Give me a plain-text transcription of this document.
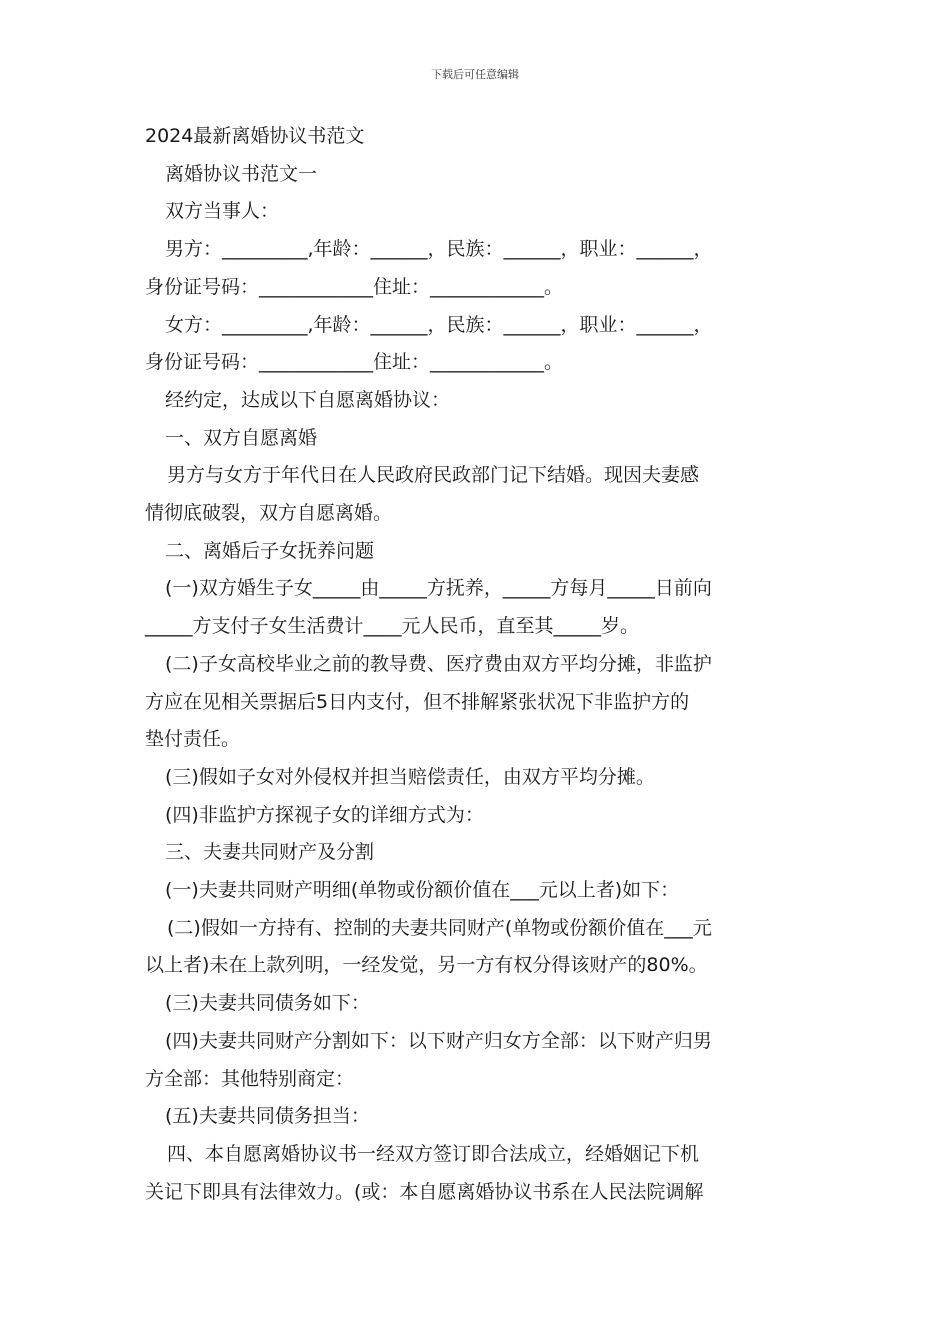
下载后可任意编辑

2024最新离婚协议书范文

离婚协议书范文一

双方当事人：

男方：_________,年龄：______，民族：______，职业：______，

身份证号码：____________住址：____________。

女方：_________,年龄：______，民族：______，职业：______，

身份证号码：____________住址：____________。

经约定，达成以下自愿离婚协议：

一、双方自愿离婚

男方与女方于年代日在人民政府民政部门记下结婚。现因夫妻感

情彻底破裂，双方自愿离婚。

二、离婚后子女抚养问题

(一)双方婚生子女_____由_____方抚养，_____方每月_____日前向

_____方支付子女生活费计____元人民币，直至其_____岁。

(二)子女高校毕业之前的教导费、医疗费由双方平均分摊，非监护

方应在见相关票据后5日内支付，但不排解紧张状况下非监护方的

垫付责任。

(三)假如子女对外侵权并担当赔偿责任，由双方平均分摊。

(四)非监护方探视子女的详细方式为：

三、夫妻共同财产及分割

(一)夫妻共同财产明细(单物或份额价值在___元以上者)如下：

(二)假如一方持有、控制的夫妻共同财产(单物或份额价值在___元

以上者)未在上款列明，一经发觉，另一方有权分得该财产的80%。

(三)夫妻共同债务如下：

(四)夫妻共同财产分割如下：以下财产归女方全部：以下财产归男

方全部：其他特别商定：

(五)夫妻共同债务担当：

四、本自愿离婚协议书一经双方签订即合法成立，经婚姻记下机

关记下即具有法律效力。(或：本自愿离婚协议书系在人民法院调解
